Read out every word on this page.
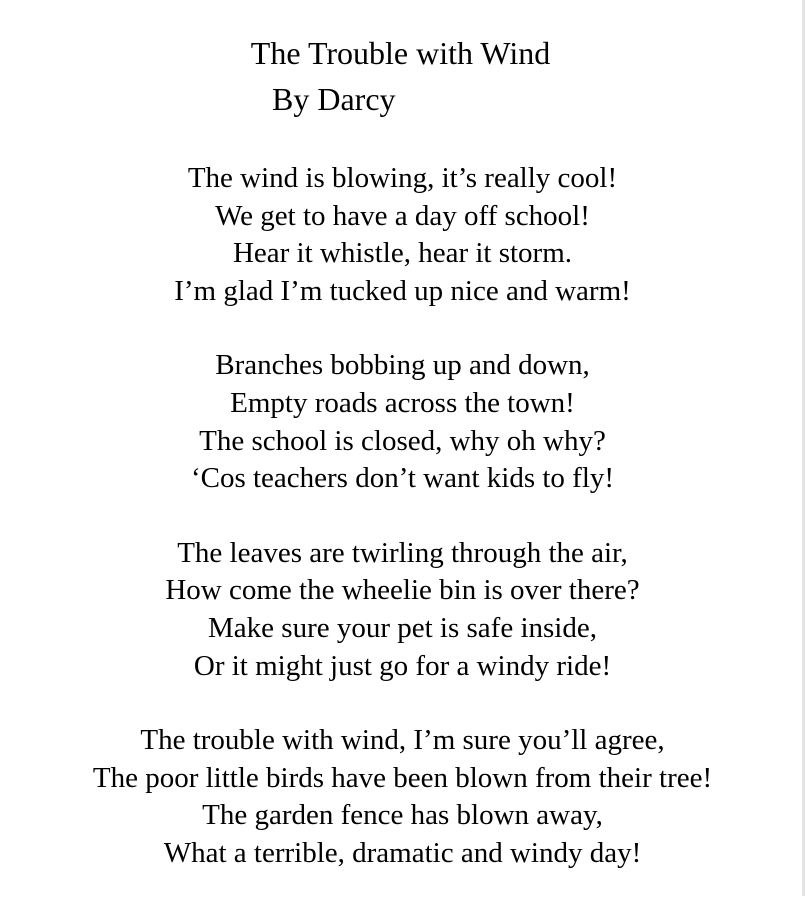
The Trouble with Wind
By Darcy
The wind is blowing, it’s really cool!
We get to have a day off school!
Hear it whistle, hear it storm.
I’m glad I’m tucked up nice and warm!
Branches bobbing up and down,
Empty roads across the town!
The school is closed, why oh why?
‘Cos teachers don’t want kids to fly!
The leaves are twirling through the air,
How come the wheelie bin is over there?
Make sure your pet is safe inside,
Or it might just go for a windy ride!
The trouble with wind, I’m sure you’ll agree,
The poor little birds have been blown from their tree!
The garden fence has blown away,
What a terrible, dramatic and windy day!
